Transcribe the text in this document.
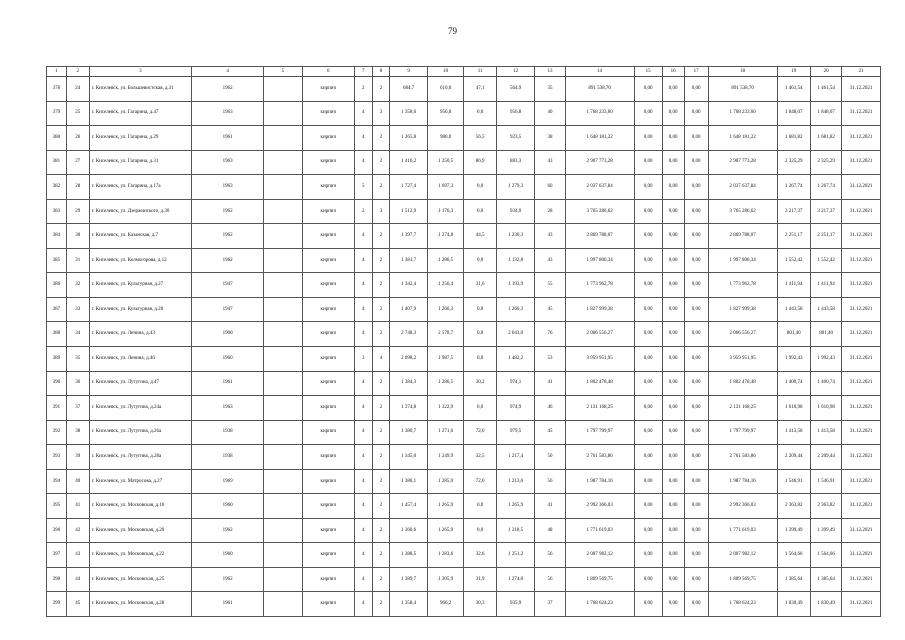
79
1	2	3	4	5	6	7	8	9	10	11	12	13	14	15	16	17	18	19	20	21
378	24	г. Киселевск, ул. Большевистская, д.31	1962		кирпич	2	2	684,7	610,0	47,1	564,9	35	891 538,70	0,00	0,00	0,00	891 538,70	1 461,54	1 461,54	31.12.2021
379	25	г. Киселевск, ул. Гагарина, д.47	1963		кирпич	4	3	1 358,6	956,8	0,0	956,8	40	1 768 233,60	0,00	0,00	0,00	1 768 233,60	1 848,07	1 848,07	31.12.2021
380	26	г. Киселевск, ул. Гагарина, д.29	1961		кирпич	4	2	1 265,8	980,0	56,5	923,5	38	1 648 181,22	0,00	0,00	0,00	1 648 181,22	1 681,82	1 681,82	31.12.2021
381	27	г. Киселевск, ул. Гагарина, д.31	1963		кирпич	4	2	1 416,2	1 250,5	86,9	883,3	43	2 907 773,28	0,00	0,00	0,00	2 907 773,28	2 325,29	2 325,29	31.12.2021
382	28	г. Киселевск, ул. Гагарина, д.17а	1963		кирпич	5	2	1 727,4	1 697,3	0,0	1 279,3	60	2 037 637,84	0,00	0,00	0,00	2 037 637,84	1 267,74	1 267,74	31.12.2021
383	29	г. Киселевск, ул. Дзержинского, д.30	1962		кирпич	2	3	1 512,9	1 176,3	0,0	934,0	28	3 765 286,62	0,00	0,00	0,00	3 765 286,62	3 217,37	3 217,37	31.12.2021
384	30	г. Киселевск, ул. Казанская, д.7	1962		кирпич	4	2	1 397,7	1 274,8	44,5	1 230,3	43	2 869 788,07	0,00	0,00	0,00	2 869 788,07	2 251,17	2 251,17	31.12.2021
385	31	г. Киселевск, ул. Колмогорова, д.12	1962		кирпич	4	2	1 381,7	1 286,5	0,0	1 132,8	43	1 997 806,34	0,00	0,00	0,00	1 997 806,34	1 552,42	1 552,42	31.12.2021
386	32	г. Киселевск, ул. Культурная, д.27	1947		кирпич	4	2	1 342,4	1 256,4	31,6	1 193,9	55	1 773 962,78	0,00	0,00	0,00	1 773 962,78	1 411,94	1 411,94	31.12.2021
387	33	г. Киселевск, ул. Культурная, д.28	1947		кирпич	4	2	1 407,9	1 266,3	0,0	1 266,3	45	1 827 999,38	0,00	0,00	0,00	1 827 999,38	1 443,58	1 443,58	31.12.2021
388	34	г. Киселевск, ул. Ленина, д.43	1900		кирпич	4	2	2 748,3	2 578,7	0,0	2 043,0	76	2 066 556,27	0,00	0,00	0,00	2 066 556,27	801,40	801,40	31.12.2021
389	35	г. Киселевск, ул. Ленина, д.46	1960		кирпич	3	4	2 098,2	1 987,5	0,0	1 482,2	53	3 959 951,95	0,00	0,00	0,00	3 959 951,95	1 992,43	1 992,43	31.12.2021
390	36	г. Киселевск, ул. Лутугина, д.47	1961		кирпич	4	2	1 384,3	1 286,5	30,2	974,1	41	1 802 478,48	0,00	0,00	0,00	1 802 478,48	1 400,74	1 400,74	31.12.2021
391	37	г. Киселевск, ул. Лутугина, д.24а	1963		кирпич	4	2	1 374,8	1 322,9	0,0	974,9	46	2 131 168,25	0,00	0,00	0,00	2 131 168,25	1 610,98	1 610,98	31.12.2021
392	38	г. Киселевск, ул. Лутугина, д.26а	1938		кирпич	4	2	1 380,7	1 271,6	72,0	979,5	45	1 797 799,97	0,00	0,00	0,00	1 797 799,97	1 413,58	1 413,58	31.12.2021
393	39	г. Киселевск, ул. Лутугина, д.28а	1938		кирпич	4	2	1 345,0	1 249,9	32,5	1 217,4	50	2 761 583,86	0,00	0,00	0,00	2 761 583,86	2 209,44	2 209,44	31.12.2021
394	40	г. Киселевск, ул. Матросова, д.27	1969		кирпич	4	2	1 386,1	1 285,0	72,0	1 213,0	56	1 987 784,16	0,00	0,00	0,00	1 987 784,16	1 546,91	1 546,91	31.12.2021
395	41	г. Киселевск, ул. Московская, д.16	1960		кирпич	4	2	1 457,4	1 265,9	0,0	1 265,9	41	2 992 366,03	0,00	0,00	0,00	2 992 366,03	2 363,82	2 363,82	31.12.2021
396	42	г. Киселевск, ул. Московская, д.20	1962		кирпич	4	2	1 360,6	1 265,9	0,0	1 218,5	48	1 771 619,03	0,00	0,00	0,00	1 771 619,03	1 399,49	1 399,49	31.12.2021
397	43	г. Киселевск, ул. Московская, д.22	1960		кирпич	4	2	1 388,5	1 283,6	32,6	1 251,2	56	2 007 982,12	0,00	0,00	0,00	2 007 982,12	1 564,66	1 564,66	31.12.2021
398	44	г. Киселевск, ул. Московская, д.25	1962		кирпич	4	2	1 389,7	1 305,9	31,9	1 274,0	56	1 809 569,75	0,00	0,00	0,00	1 809 569,75	1 385,64	1 385,64	31.12.2021
399	45	г. Киселевск, ул. Московская, д.28	1961		кирпич	4	2	1 358,4	966,2	30,3	935,9	37	1 768 624,23	0,00	0,00	0,00	1 768 624,23	1 830,49	1 830,49	31.12.2021
